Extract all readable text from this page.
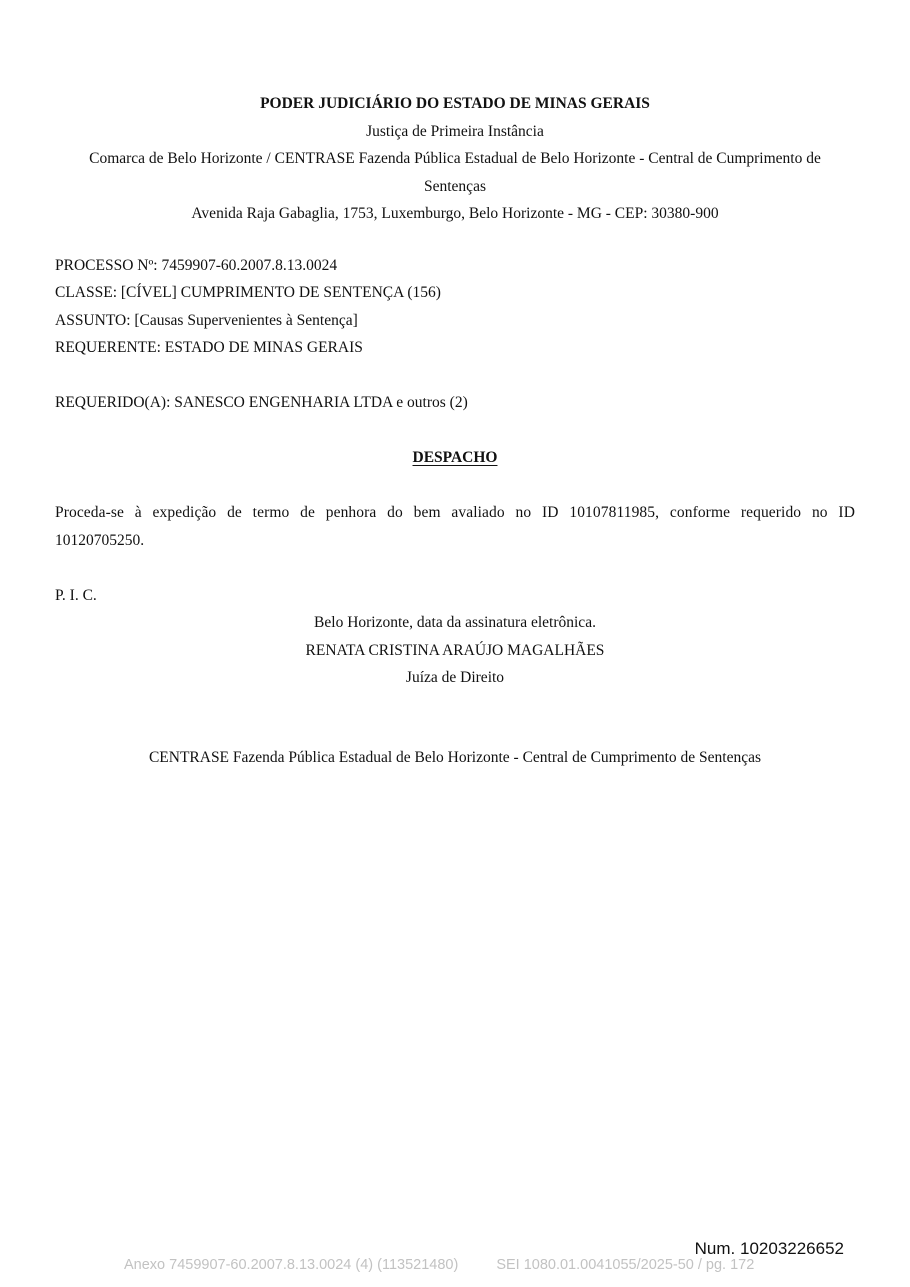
PODER JUDICIÁRIO DO ESTADO DE MINAS GERAIS
Justiça de Primeira Instância
Comarca de Belo Horizonte / CENTRASE Fazenda Pública Estadual de Belo Horizonte - Central de Cumprimento de
Sentenças
Avenida Raja Gabaglia, 1753, Luxemburgo, Belo Horizonte - MG - CEP: 30380-900
PROCESSO Nº: 7459907-60.2007.8.13.0024
CLASSE: [CÍVEL] CUMPRIMENTO DE SENTENÇA (156)
ASSUNTO: [Causas Supervenientes à Sentença]
REQUERENTE: ESTADO DE MINAS GERAIS
REQUERIDO(A): SANESCO ENGENHARIA LTDA e outros (2)
DESPACHO
Proceda-se à expedição de termo de penhora do bem avaliado no ID 10107811985, conforme requerido no ID
10120705250.
P. I. C.
Belo Horizonte, data da assinatura eletrônica.
RENATA CRISTINA ARAÚJO MAGALHÃES
Juíza de Direito
CENTRASE Fazenda Pública Estadual de Belo Horizonte - Central de Cumprimento de Sentenças
Num. 10203226652
Anexo 7459907-60.2007.8.13.0024 (4) (113521480)	SEI 1080.01.0041055/2025-50 / pg. 172
